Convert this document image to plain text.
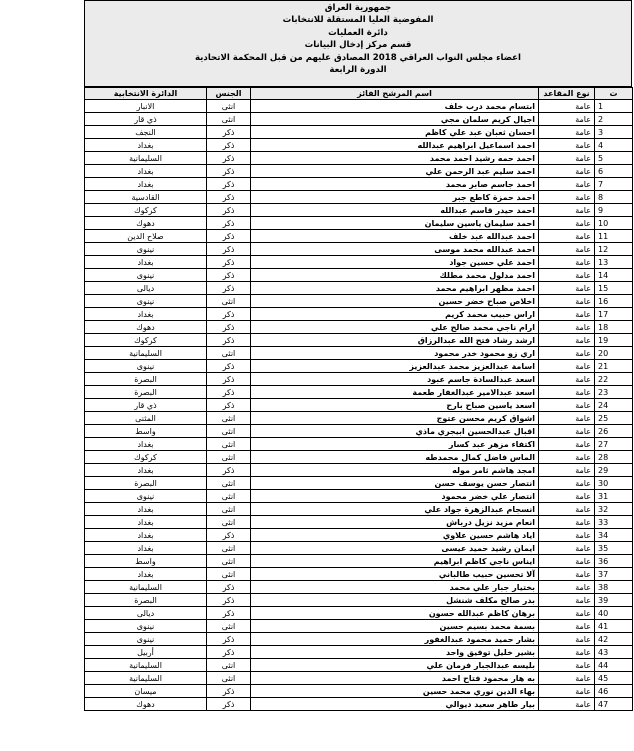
جمهورية العراق
المفوضية العليا المستقلة للانتخابات
دائرة العمليات
قسم مركز إدخال البيانات
اعضاء مجلس النواب العراقي 2018 المصادق عليهم من قبل المحكمة الاتحادية
الدورة الرابعة
ت	نوع المقاعد	اسم المرشح الفائز	الجنس	الدائرة الانتخابية
1	عامة	ابتسام محمد درب خلف	انثى	الانبار
2	عامة	اجيال كريم سلمان مجي	انثى	ذي قار
3	عامة	احسان ثعبان عبد علي كاظم	ذكر	النجف
4	عامة	احمد اسماعيل ابراهيم عبدالله	ذكر	بغداد
5	عامة	احمد حمه رشيد احمد محمد	ذكر	السليمانية
6	عامة	احمد سليم عبد الرحمن علي	ذكر	بغداد
7	عامة	احمد جاسم صابر محمد	ذكر	بغداد
8	عامة	احمد حمزة كاطع جبر	ذكر	القادسية
9	عامة	احمد حيدر قاسم عبدالله	ذكر	كركوك
10	عامة	احمد سليمان ياسين سليمان	ذكر	دهوك
11	عامة	احمد عبدالله عبد خلف	ذكر	صلاح الدين
12	عامة	احمد عبدالله محمد موسى	ذكر	نينوى
13	عامة	احمد علي حسين جواد	ذكر	بغداد
14	عامة	احمد مدلول محمد مطلك	ذكر	نينوى
15	عامة	احمد مظهر ابراهيم محمد	ذكر	ديالى
16	عامة	اخلاص صباح خضر حسين	انثى	نينوى
17	عامة	اراس حبيب محمد كريم	ذكر	بغداد
18	عامة	ارام ناجي محمد صالح علي	ذكر	دهوك
19	عامة	ارشد رشاد فتح الله عبدالرزاق	ذكر	كركوك
20	عامة	اري زو محمود خدر محمود	انثى	السليمانية
21	عامة	اسامة عبدالعزيز محمد عبدالعزيز	ذكر	نينوى
22	عامة	اسعد عبدالسادة جاسم عبود	ذكر	البصرة
23	عامة	اسعد عبدالامير عبدالغفار طعمة	ذكر	البصرة
24	عامة	اسعد ياسين صباح بارح	ذكر	ذي قار
25	عامة	اشواق كريم محسن عتوج	انثى	المثنى
26	عامة	اقبال عبدالحسين ابيجري ماذي	انثى	واسط
27	عامة	اكتفاء مزهر عبد كسار	انثى	بغداد
28	عامة	الماس فاضل كمال محمدطه	انثى	كركوك
29	عامة	امجد هاشم ثامر موله	ذكر	بغداد
30	عامة	انتصار حسن يوسف حسن	انثى	البصرة
31	عامة	انتصار علي خضر محمود	انثى	نينوى
32	عامة	انسجام عبدالزهرة جواد علي	انثى	بغداد
33	عامة	انعام مزيد نزيل درباش	انثى	بغداد
34	عامة	اياد هاشم حسين علاوي	ذكر	بغداد
35	عامة	ايمان رشيد حميد عيسى	انثى	بغداد
36	عامة	ايناس ناجي كاظم ابراهيم	انثى	واسط
37	عامة	آلا تحسين حبيب طالباني	انثى	بغداد
38	عامة	بختيار جبار علي محمد	ذكر	السليمانية
39	عامة	بدر صالح مكلف شنشل	ذكر	البصرة
40	عامة	برهان كاظم عبدالله حسون	ذكر	ديالى
41	عامة	بسمة محمد بسيم حسين	انثى	نينوى
42	عامة	بشار حميد محمود عبدالغفور	ذكر	نينوى
43	عامة	بشير خليل توفيق واحد	ذكر	أربيل
44	عامة	بليسه عبدالجبار فرمان علي	انثى	السليمانية
45	عامة	به هار محمود فتاح احمد	انثى	السليمانية
46	عامة	بهاء الدين نوري محمد حسين	ذكر	ميسان
47	عامة	بيار طاهر سعيد ديوالي	ذكر	دهوك
